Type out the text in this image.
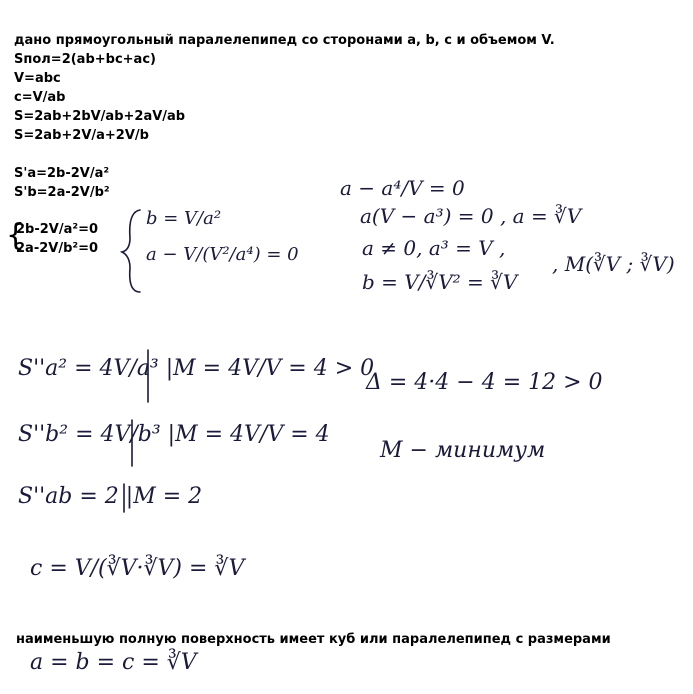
дано прямоугольный паралелепипед со сторонами a, b, c и объемом V.
Sпол=2(ab+bc+ac)
V=abc
c=V/ab
S=2ab+2bV/ab+2aV/ab
S=2ab+2V/a+2V/b
S'a=2b-2V/a²
S'b=2a-2V/b²
{
2b-2V/a²=0
2a-2V/b²=0
наименьшую полную поверхность имеет куб или паралелепипед с размерами
b = V/a²
a − V/(V²/a⁴) = 0
a − a⁴/V = 0
a(V − a³) = 0 , a = ∛V
a ≠ 0, a³ = V ,
b = V/∛V² = ∛V
, M(∛V ; ∛V)
S''a² = 4V/a³ |M = 4V/V = 4 > 0
S''b² = 4V/b³ |M = 4V/V = 4
S''ab = 2 |M = 2
Δ = 4·4 − 4 = 12 > 0
M − минимум
c = V/(∛V·∛V) = ∛V
a = b = c = ∛V
